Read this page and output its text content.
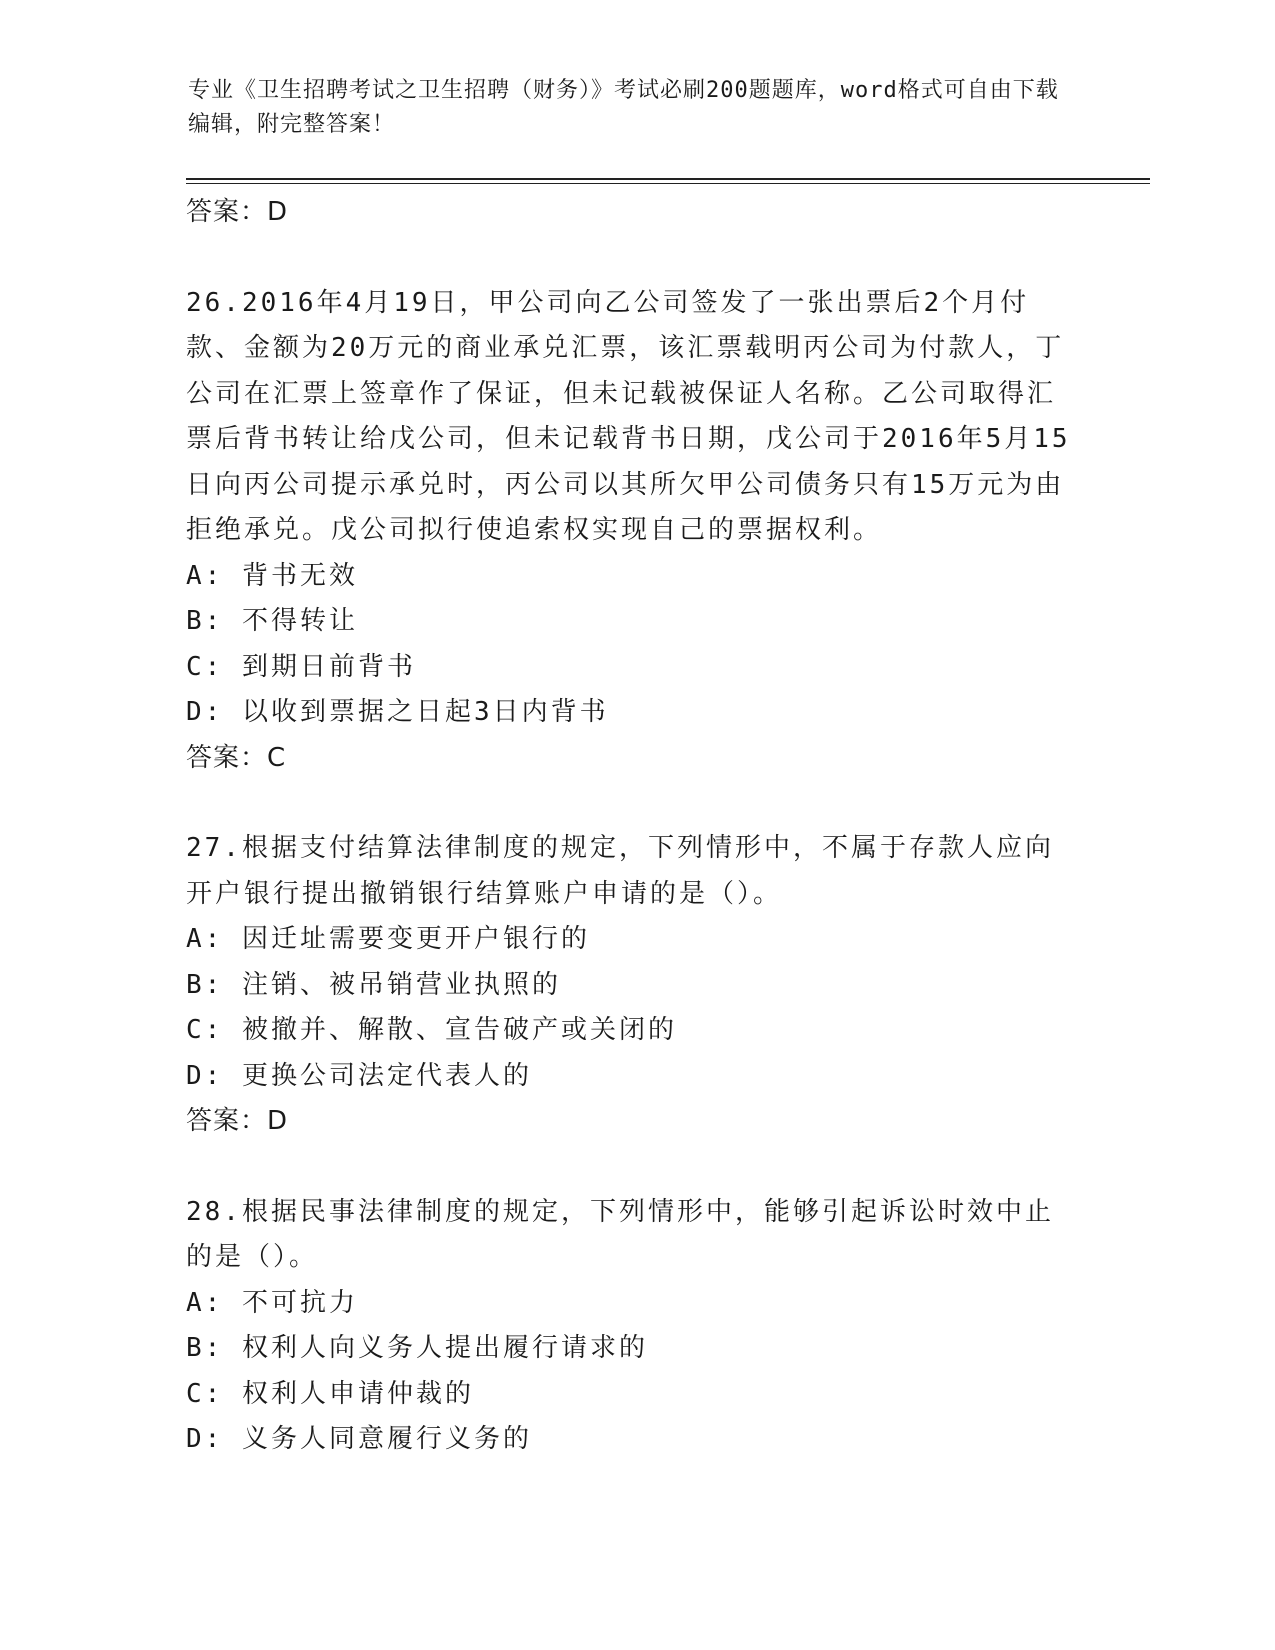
专业《卫生招聘考试之卫生招聘（财务）》考试必刷200题题库，word格式可自由下载编辑，附完整答案！
答案：D
26.2016年4月19日，甲公司向乙公司签发了一张出票后2个月付款、金额为20万元的商业承兑汇票，该汇票载明丙公司为付款人，丁公司在汇票上签章作了保证，但未记载被保证人名称。乙公司取得汇票后背书转让给戊公司，但未记载背书日期，戊公司于2016年5月15日向丙公司提示承兑时，丙公司以其所欠甲公司债务只有15万元为由拒绝承兑。戊公司拟行使追索权实现自己的票据权利。
A: 背书无效
B: 不得转让
C: 到期日前背书
D: 以收到票据之日起3日内背书
答案：C
27.根据支付结算法律制度的规定，下列情形中，不属于存款人应向开户银行提出撤销银行结算账户申请的是（）。
A: 因迁址需要变更开户银行的
B: 注销、被吊销营业执照的
C: 被撤并、解散、宣告破产或关闭的
D: 更换公司法定代表人的
答案：D
28.根据民事法律制度的规定，下列情形中，能够引起诉讼时效中止的是（）。
A: 不可抗力
B: 权利人向义务人提出履行请求的
C: 权利人申请仲裁的
D: 义务人同意履行义务的
